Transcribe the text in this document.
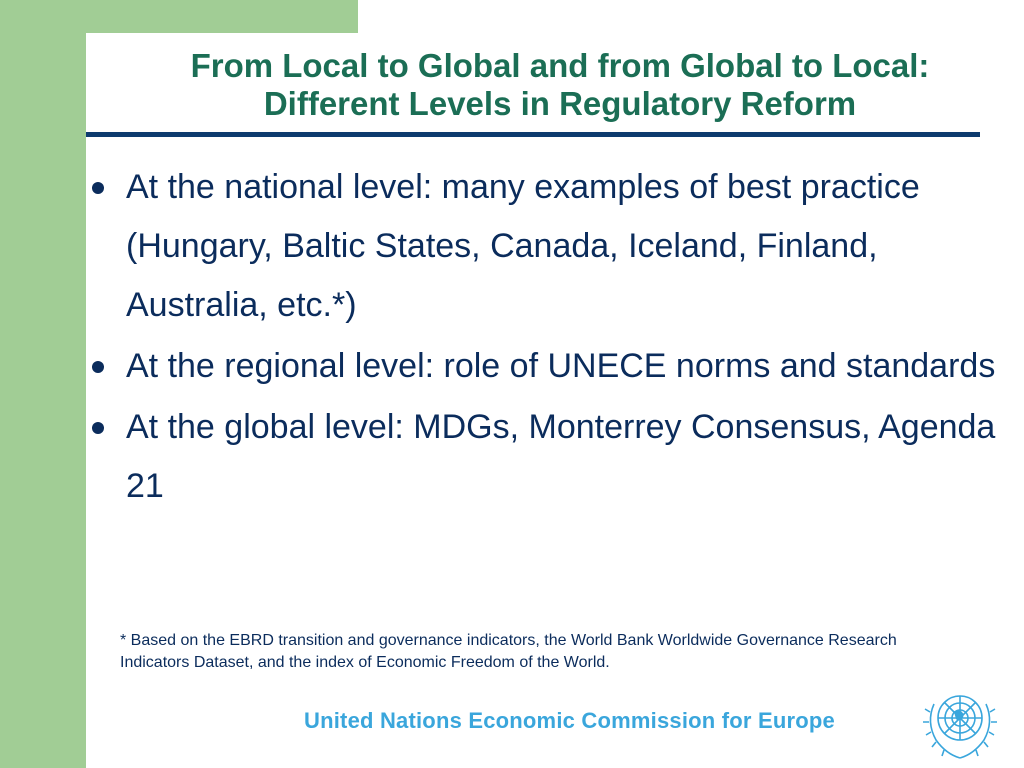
From Local to Global and from Global to Local:
Different Levels in Regulatory Reform
At the national level: many examples of best practice (Hungary, Baltic States, Canada, Iceland, Finland, Australia, etc.*)
At the regional level: role of UNECE norms and standards
At the global level: MDGs, Monterrey Consensus, Agenda 21

* Based on the EBRD transition and governance indicators, the World Bank Worldwide Governance Research Indicators Dataset, and the index of Economic Freedom of the World.

United Nations Economic Commission for Europe
